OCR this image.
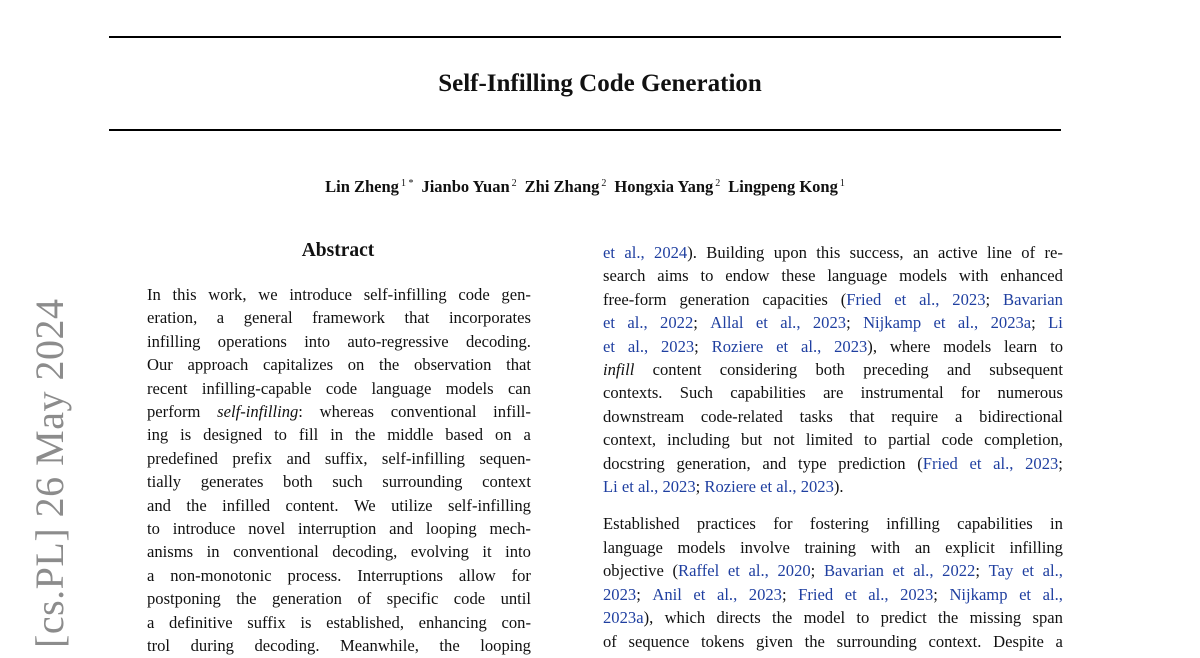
Self-Infilling Code Generation
Lin Zheng $^{1 *}$ Jianbo Yuan $^2$ Zhi Zhang $^2$ Hongxia Yang $^2$ Lingpeng Kong $^1$
[cs.PL] 26 May 2024
Abstract
In this work, we introduce self-infilling code gen-
eration, a general framework that incorporates
infilling operations into auto-regressive decoding.
Our approach capitalizes on the observation that
recent infilling-capable code language models can
perform self-infilling: whereas conventional infill-
ing is designed to fill in the middle based on a
predefined prefix and suffix, self-infilling sequen-
tially generates both such surrounding context
and the infilled content. We utilize self-infilling
to introduce novel interruption and looping mech-
anisms in conventional decoding, evolving it into
a non-monotonic process. Interruptions allow for
postponing the generation of specific code until
a definitive suffix is established, enhancing con-
trol during decoding. Meanwhile, the looping
et al., 2024). Building upon this success, an active line of re-
search aims to endow these language models with enhanced
free-form generation capacities (Fried et al., 2023; Bavarian
et al., 2022; Allal et al., 2023; Nijkamp et al., 2023a; Li
et al., 2023; Roziere et al., 2023), where models learn to
infill content considering both preceding and subsequent
contexts. Such capabilities are instrumental for numerous
downstream code-related tasks that require a bidirectional
context, including but not limited to partial code completion,
docstring generation, and type prediction (Fried et al., 2023;
Li et al., 2023; Roziere et al., 2023).
Established practices for fostering infilling capabilities in
language models involve training with an explicit infilling
objective (Raffel et al., 2020; Bavarian et al., 2022; Tay et al.,
2023; Anil et al., 2023; Fried et al., 2023; Nijkamp et al.,
2023a), which directs the model to predict the missing span
of sequence tokens given the surrounding context. Despite a
